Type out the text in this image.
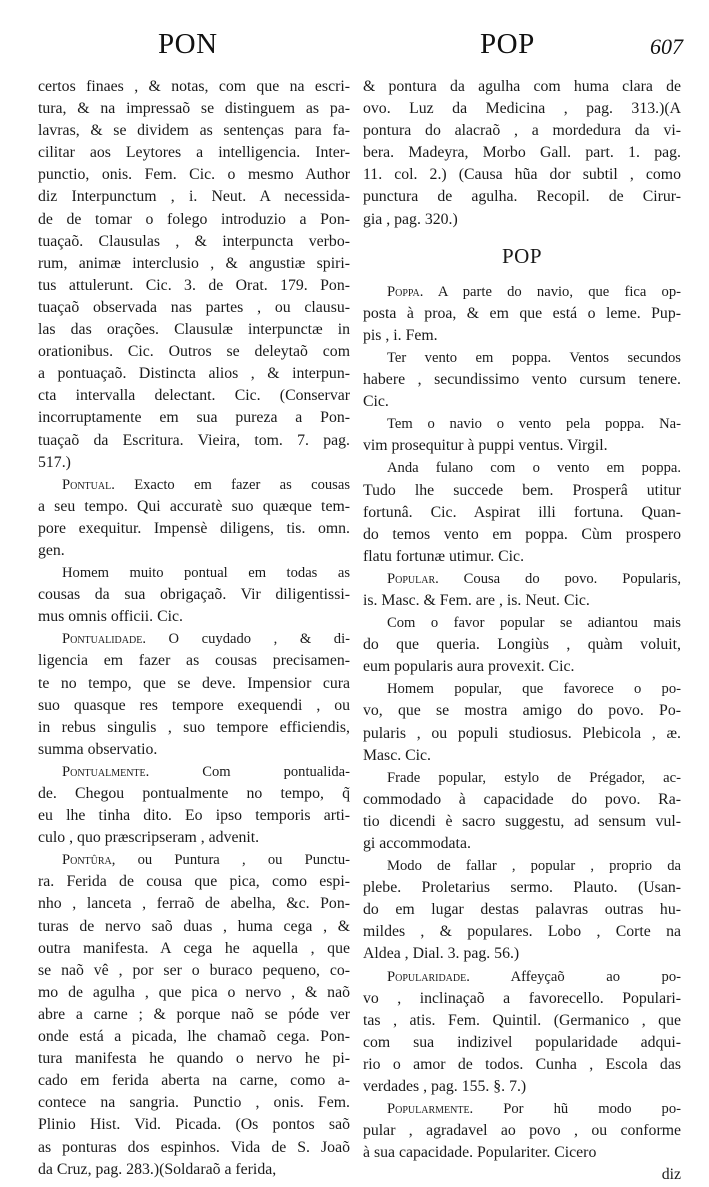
PON	POP	607
certos finaes , & notas, com que na escri-
tura, & na impressaõ se distinguem as pa-
lavras, & se dividem as sentenças para fa-
cilitar aos Leytores a intelligencia. Inter-
punctio, onis. Fem. Cic. o mesmo Author
diz Interpunctum , i. Neut. A necessida-
de de tomar o folego introduzio a Pon-
tuaçaõ. Clausulas , & interpuncta verbo-
rum, animæ interclusio , & angustiæ spiri-
tus attulerunt. Cic. 3. de Orat. 179. Pon-
tuaçaõ observada nas partes , ou clausu-
las das orações. Clausulæ interpunctæ in
orationibus. Cic. Outros se deleytaõ com
a pontuaçaõ. Distincta alios , & interpun-
cta intervalla delectant. Cic. (Conservar
incorruptamente em sua pureza a Pon-
tuaçaõ da Escritura. Vieira, tom. 7. pag.
517.)
Pontual. Exacto em fazer as cousas
a seu tempo. Qui accuratè suo quæque tem-
pore exequitur. Impensè diligens, tis. omn.
gen.
Homem muito pontual em todas as
cousas da sua obrigaçaõ. Vir diligentissi-
mus omnis officii. Cic.
Pontualidade. O cuydado , & di-
ligencia em fazer as cousas precisamen-
te no tempo, que se deve. Impensior cura
suo quasque res tempore exequendi , ou
in rebus singulis , suo tempore efficiendis,
summa observatio.
Pontualmente. Com pontualida-
de. Chegou pontualmente no tempo, q̃
eu lhe tinha dito. Eo ipso temporis arti-
culo , quo præscripseram , advenit.
Pontûra, ou Puntura , ou Punctu-
ra. Ferida de cousa que pica, como espi-
nho , lanceta , ferraõ de abelha, &c. Pon-
turas de nervo saõ duas , huma cega , &
outra manifesta. A cega he aquella , que
se naõ vê , por ser o buraco pequeno, co-
mo de agulha , que pica o nervo , & naõ
abre a carne ; & porque naõ se póde ver
onde está a picada, lhe chamaõ cega. Pon-
tura manifesta he quando o nervo he pi-
cado em ferida aberta na carne, como a-
contece na sangria. Punctio , onis. Fem.
Plinio Hist. Vid. Picada. (Os pontos saõ
as ponturas dos espinhos. Vida de S. Joaõ
da Cruz, pag. 283.)(Soldaraõ a ferida,
& pontura da agulha com huma clara de
ovo. Luz da Medicina , pag. 313.)(A
pontura do alacraõ , a mordedura da vi-
bera. Madeyra, Morbo Gall. part. 1. pag.
11. col. 2.) (Causa hũa dor subtil , como
punctura de agulha. Recopil. de Cirur-
gia , pag. 320.)
POP
Poppa. A parte do navio, que fica op-
posta à proa, & em que está o leme. Pup-
pis , i. Fem.
Ter vento em poppa. Ventos secundos
habere , secundissimo vento cursum tenere.
Cic.
Tem o navio o vento pela poppa. Na-
vim prosequitur à puppi ventus. Virgil.
Anda fulano com o vento em poppa.
Tudo lhe succede bem. Prosperâ utitur
fortunâ. Cic. Aspirat illi fortuna. Quan-
do temos vento em poppa. Cùm prospero
flatu fortunæ utimur. Cic.
Popular. Cousa do povo. Popularis,
is. Masc. & Fem. are , is. Neut. Cic.
Com o favor popular se adiantou mais
do que queria. Longiùs , quàm voluit,
eum popularis aura provexit. Cic.
Homem popular, que favorece o po-
vo, que se mostra amigo do povo. Po-
pularis , ou populi studiosus. Plebicola , æ.
Masc. Cic.
Frade popular, estylo de Prégador, ac-
commodado à capacidade do povo. Ra-
tio dicendi è sacro suggestu, ad sensum vul-
gi accommodata.
Modo de fallar , popular , proprio da
plebe. Proletarius sermo. Plauto. (Usan-
do em lugar destas palavras outras hu-
mildes , & populares. Lobo , Corte na
Aldea , Dial. 3. pag. 56.)
Popularidade. Affeyçaõ ao po-
vo , inclinaçaõ a favorecello. Populari-
tas , atis. Fem. Quintil. (Germanico , que
com sua indizivel popularidade adqui-
rio o amor de todos. Cunha , Escola das
verdades , pag. 155. §. 7.)
Popularmente. Por hũ modo po-
pular , agradavel ao povo , ou conforme
à sua capacidade. Populariter. Cicero
diz
